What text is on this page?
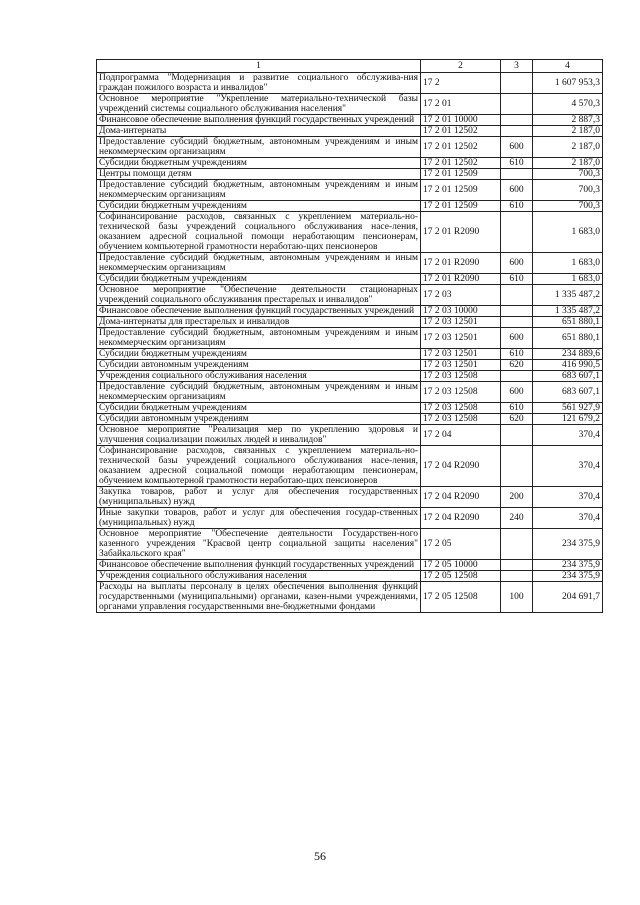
1	2	3	4
Подпрограмма "Модернизация и развитие социального обслужива-ния граждан пожилого возраста и инвалидов"	17 2		1 607 953,3
Основное мероприятие "Укрепление материально-технической базы учреждений системы социального обслуживания населения"	17 2 01		4 570,3
Финансовое обеспечение выполнения функций государственных учреждений	17 2 01 10000		2 887,3
Дома-интернаты	17 2 01 12502		2 187,0
Предоставление субсидий бюджетным, автономным учреждениям и иным некоммерческим организациям	17 2 01 12502	600	2 187,0
Субсидии бюджетным учреждениям	17 2 01 12502	610	2 187,0
Центры помощи детям	17 2 01 12509		700,3
Предоставление субсидий бюджетным, автономным учреждениям и иным некоммерческим организациям	17 2 01 12509	600	700,3
Субсидии бюджетным учреждениям	17 2 01 12509	610	700,3
Софинансирование расходов, связанных с укреплением материаль-но-технической базы учреждений социального обслуживания насе-ления, оказанием адресной социальной помощи неработающим пенсионерам, обучением компьютерной грамотности неработаю-щих пенсионеров	17 2 01 R2090		1 683,0
Предоставление субсидий бюджетным, автономным учреждениям и иным некоммерческим организациям	17 2 01 R2090	600	1 683,0
Субсидии бюджетным учреждениям	17 2 01 R2090	610	1 683,0
Основное мероприятие "Обеспечение деятельности стационарных учреждений социального обслуживания престарелых и инвалидов"	17 2 03		1 335 487,2
Финансовое обеспечение выполнения функций государственных учреждений	17 2 03 10000		1 335 487,2
Дома-интернаты для престарелых и инвалидов	17 2 03 12501		651 880,1
Предоставление субсидий бюджетным, автономным учреждениям и иным некоммерческим организациям	17 2 03 12501	600	651 880,1
Субсидии бюджетным учреждениям	17 2 03 12501	610	234 889,6
Субсидии автономным учреждениям	17 2 03 12501	620	416 990,5
Учреждения социального обслуживания населения	17 2 03 12508		683 607,1
Предоставление субсидий бюджетным, автономным учреждениям и иным некоммерческим организациям	17 2 03 12508	600	683 607,1
Субсидии бюджетным учреждениям	17 2 03 12508	610	561 927,9
Субсидии автономным учреждениям	17 2 03 12508	620	121 679,2
Основное мероприятие "Реализация мер по укреплению здоровья и улучшения социализации пожилых людей и инвалидов"	17 2 04		370,4
Софинансирование расходов, связанных с укреплением материаль-но-технической базы учреждений социального обслуживания насе-ления, оказанием адресной социальной помощи неработающим пенсионерам, обучением компьютерной грамотности неработаю-щих пенсионеров	17 2 04 R2090		370,4
Закупка товаров, работ и услуг для обеспечения государственных (муниципальных) нужд	17 2 04 R2090	200	370,4
Иные закупки товаров, работ и услуг для обеспечения государ-ственных (муниципальных) нужд	17 2 04 R2090	240	370,4
Основное мероприятие "Обеспечение деятельности Государствен-ного казенного учреждения "Красвой центр социальной защиты населения" Забайкальского края"	17 2 05		234 375,9
Финансовое обеспечение выполнения функций государственных учреждений	17 2 05 10000		234 375,9
Учреждения социального обслуживания населения	17 2 05 12508		234 375,9
Расходы на выплаты персоналу в целях обеспечения выполнения функций государственными (муниципальными) органами, казен-ными учреждениями, органами управления государственными вне-бюджетными фондами	17 2 05 12508	100	204 691,7
56
